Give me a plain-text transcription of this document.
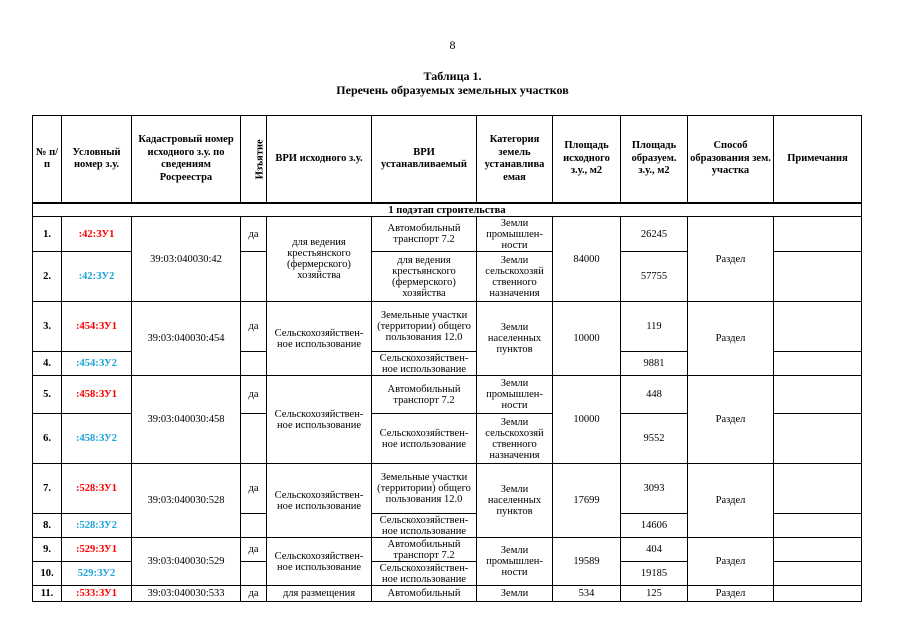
8
Таблица 1.
Перечень образуемых земельных участков
№ п/п	Условный номер з.у.	Кадастровый номер исходного з.у. по сведениям Росреестра	Изъятие	ВРИ исходного з.у.	ВРИ устанавливаемый	Категория земель устанавлива емая	Площадь исходного з.у., м2	Площадь образуем. з.у., м2	Способ образования зем. участка	Примечания
1 подэтап строительства										
1.	:42:ЗУ1	39:03:040030:42	да	для ведения крестьянского (фермерского) хозяйства	Автомобильный транспорт 7.2	Земли промышлен-ности	84000	26245	Раздел	
2.	:42:ЗУ2				для ведения крестьянского (фермерского) хозяйства	Земли сельскохозяй ственного назначения		57755		
3.	:454:ЗУ1	39:03:040030:454	да	Сельскохозяйствен-ное использование	Земельные участки (территории) общего пользования 12.0	Земли населенных пунктов	10000	119	Раздел	
4.	:454:ЗУ2				Сельскохозяйствен-ное использование			9881		
5.	:458:ЗУ1	39:03:040030:458	да	Сельскохозяйствен-ное использование	Автомобильный транспорт 7.2	Земли промышлен-ности	10000	448	Раздел	
6.	:458:ЗУ2				Сельскохозяйствен-ное использование	Земли сельскохозяй ственного назначения		9552		
7.	:528:ЗУ1	39:03:040030:528	да	Сельскохозяйствен-ное использование	Земельные участки (территории) общего пользования 12.0	Земли населенных пунктов	17699	3093	Раздел	
8.	:528:ЗУ2				Сельскохозяйствен-ное использование			14606		
9.	:529:ЗУ1	39:03:040030:529	да	Сельскохозяйствен-ное использование	Автомобильный транспорт 7.2	Земли промышлен-ности	19589	404	Раздел	
10.	529:ЗУ2				Сельскохозяйствен-ное использование			19185		
11.	:533:ЗУ1	39:03:040030:533	да	для размещения	Автомобильный	Земли	534	125	Раздел	
